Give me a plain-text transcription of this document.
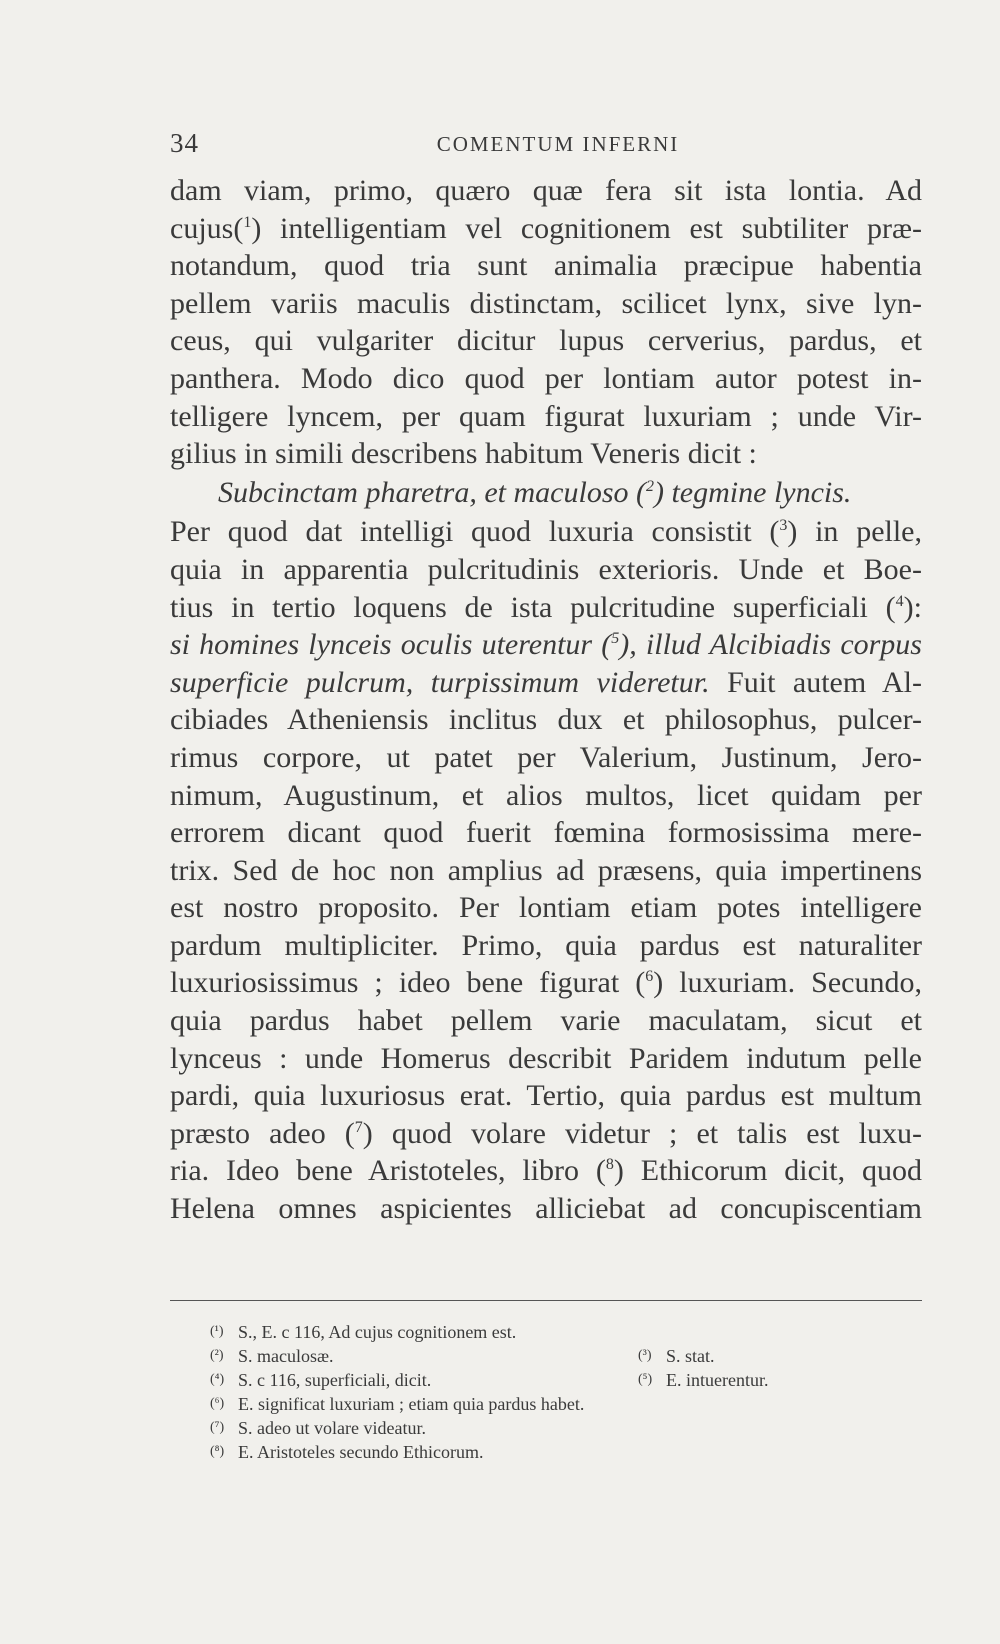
34	COMENTUM INFERNI
dam viam, primo, quæro quæ fera sit ista lontia. Ad
cujus($^1$) intelligentiam vel cognitionem est subtiliter præ-
notandum, quod tria sunt animalia præcipue habentia
pellem variis maculis distinctam, scilicet lynx, sive lyn-
ceus, qui vulgariter dicitur lupus cerverius, pardus, et
panthera. Modo dico quod per lontiam autor potest in-
telligere lyncem, per quam figurat luxuriam ; unde Vir-
gilius in simili describens habitum Veneris dicit :
Subcinctam pharetra, et maculoso ($^2$) tegmine lyncis.
Per quod dat intelligi quod luxuria consistit ($^3$) in pelle,
quia in apparentia pulcritudinis exterioris. Unde et Boe-
tius in tertio loquens de ista pulcritudine superficiali ($^4$):
si homines lynceis oculis uterentur ($^5$), illud Alcibiadis corpus
superficie pulcrum, turpissimum videretur. Fuit autem Al-
cibiades Atheniensis inclitus dux et philosophus, pulcer-
rimus corpore, ut patet per Valerium, Justinum, Jero-
nimum, Augustinum, et alios multos, licet quidam per
errorem dicant quod fuerit fœmina formosissima mere-
trix. Sed de hoc non amplius ad præsens, quia impertinens
est nostro proposito. Per lontiam etiam potes intelligere
pardum multipliciter. Primo, quia pardus est naturaliter
luxuriosissimus ; ideo bene figurat ($^6$) luxuriam. Secundo,
quia pardus habet pellem varie maculatam, sicut et
lynceus : unde Homerus describit Paridem indutum pelle
pardi, quia luxuriosus erat. Tertio, quia pardus est multum
præsto adeo ($^7$) quod volare videtur ; et talis est luxu-
ria. Ideo bene Aristoteles, libro ($^8$) Ethicorum dicit, quod
Helena omnes aspicientes alliciebat ad concupiscentiam
(¹) S., E. c 116, Ad cujus cognitionem est.
(²) S. maculosæ.	(³) S. stat.
(⁴) S. c 116, superficiali, dicit.	(⁵) E. intuerentur.
(⁶) E. significat luxuriam ; etiam quia pardus habet.
(⁷) S. adeo ut volare videatur.
(⁸) E. Aristoteles secundo Ethicorum.
